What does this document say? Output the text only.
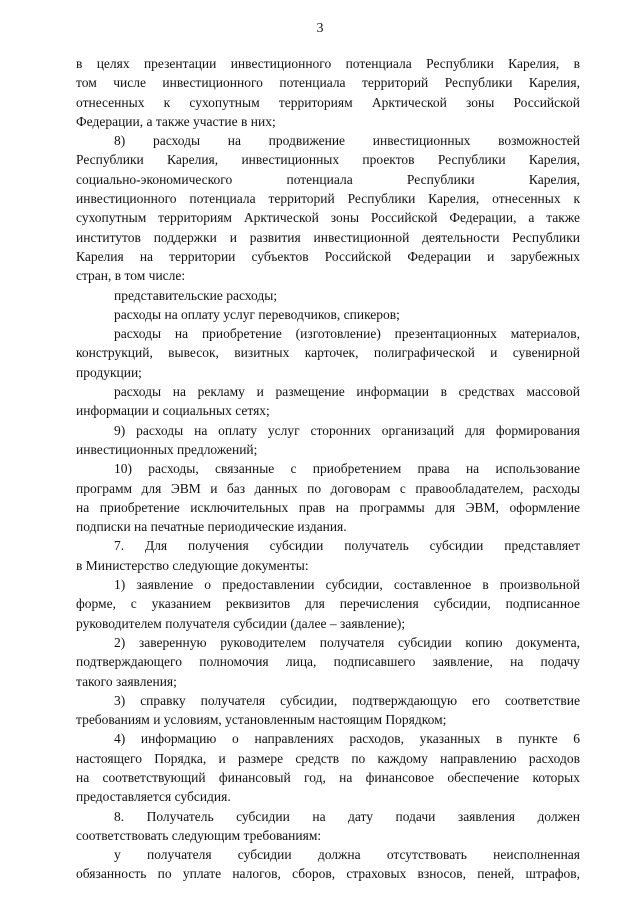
3
в целях презентации инвестиционного потенциала Республики Карелия, в
том числе инвестиционного потенциала территорий Республики Карелия,
отнесенных к сухопутным территориям Арктической зоны Российской
Федерации, а также участие в них;
8) расходы на продвижение инвестиционных возможностей
Республики Карелия, инвестиционных проектов Республики Карелия,
социально-экономического потенциала Республики Карелия,
инвестиционного потенциала территорий Республики Карелия, отнесенных к
сухопутным территориям Арктической зоны Российской Федерации, а также
институтов поддержки и развития инвестиционной деятельности Республики
Карелия на территории субъектов Российской Федерации и зарубежных
стран, в том числе:
представительские расходы;
расходы на оплату услуг переводчиков, спикеров;
расходы на приобретение (изготовление) презентационных материалов,
конструкций, вывесок, визитных карточек, полиграфической и сувенирной
продукции;
расходы на рекламу и размещение информации в средствах массовой
информации и социальных сетях;
9) расходы на оплату услуг сторонних организаций для формирования
инвестиционных предложений;
10) расходы, связанные с приобретением права на использование
программ для ЭВМ и баз данных по договорам с правообладателем, расходы
на приобретение исключительных прав на программы для ЭВМ, оформление
подписки на печатные периодические издания.
7. Для получения субсидии получатель субсидии представляет
в Министерство следующие документы:
1) заявление о предоставлении субсидии, составленное в произвольной
форме, с указанием реквизитов для перечисления субсидии, подписанное
руководителем получателя субсидии (далее – заявление);
2) заверенную руководителем получателя субсидии копию документа,
подтверждающего полномочия лица, подписавшего заявление, на подачу
такого заявления;
3) справку получателя субсидии, подтверждающую его соответствие
требованиям и условиям, установленным настоящим Порядком;
4) информацию о направлениях расходов, указанных в пункте 6
настоящего Порядка, и размере средств по каждому направлению расходов
на соответствующий финансовый год, на финансовое обеспечение которых
предоставляется субсидия.
8. Получатель субсидии на дату подачи заявления должен
соответствовать следующим требованиям:
у получателя субсидии должна отсутствовать неисполненная
обязанность по уплате налогов, сборов, страховых взносов, пеней, штрафов,
